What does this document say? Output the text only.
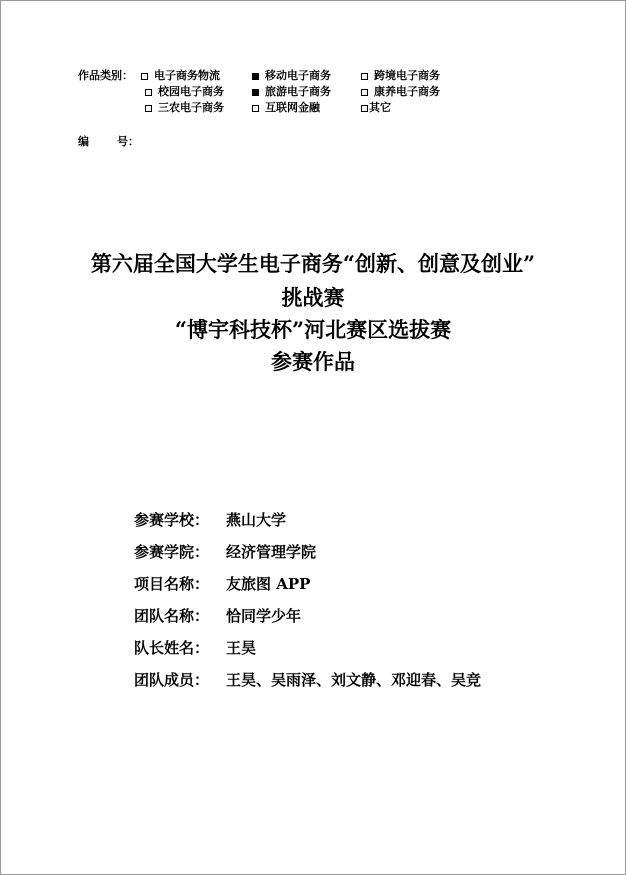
作品类别： 电子商务物流	移动电子商务	跨境电子商务
校园电子商务	旅游电子商务	康养电子商务
三农电子商务	互联网金融	其它
编	号：
第六届全国大学生电子商务“创新、创意及创业”
挑战赛
“博宇科技杯”河北赛区选拔赛
参赛作品
参赛学校： 燕山大学
参赛学院： 经济管理学院
项目名称： 友旅图 APP
团队名称： 恰同学少年
队长姓名： 王昊
团队成员： 王昊、吴雨泽、刘文静、邓迎春、吴竞
